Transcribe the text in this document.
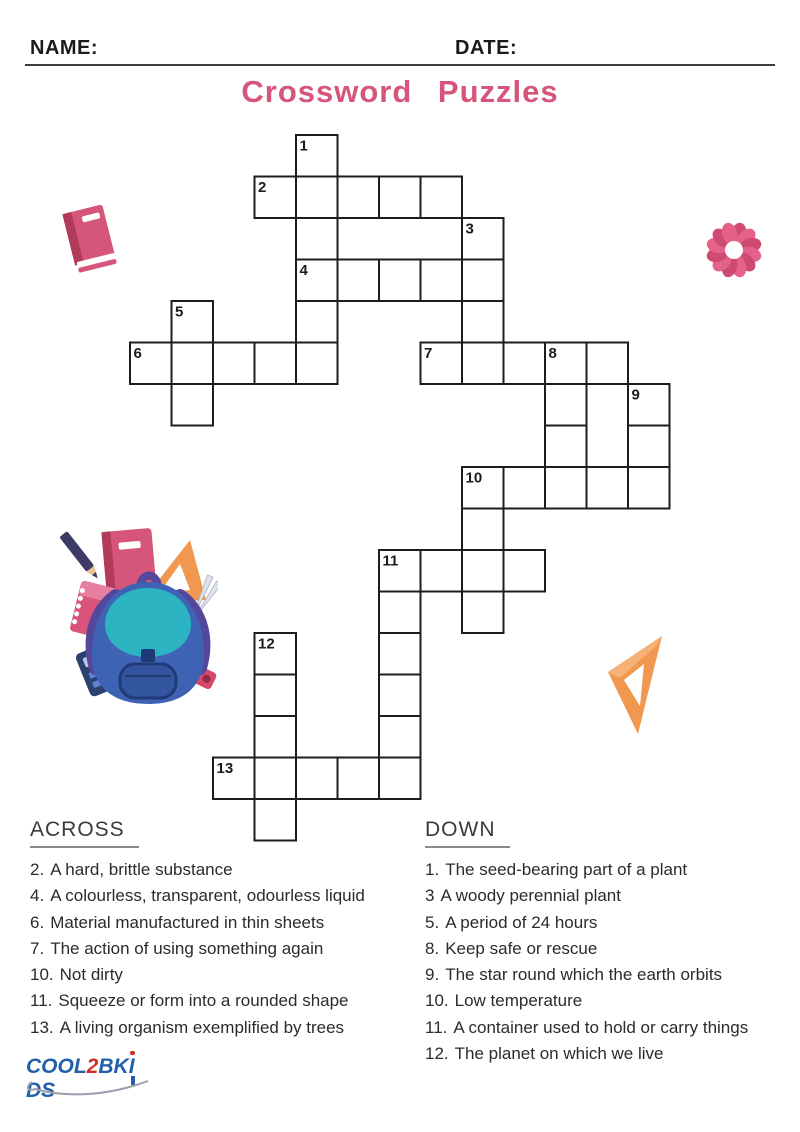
NAME:	DATE:
Crossword Puzzles
1
4
2
3
5
6	7	8
9
10
11
12
13
ACROSS
2. A hard, brittle substance
4. A colourless, transparent, odourless liquid
6. Material manufactured in thin sheets
7. The action of using something again
10. Not dirty
11. Squeeze or form into a rounded shape
13. A living organism exemplified by trees
DOWN
1. The seed-bearing part of a plant
3 A woody perennial plant
5. A period of 24 hours
8. Keep safe or rescue
9. The star round which the earth orbits
10. Low temperature
11. A container used to hold or carry things
12. The planet on which we live
COOL2BKIDS
